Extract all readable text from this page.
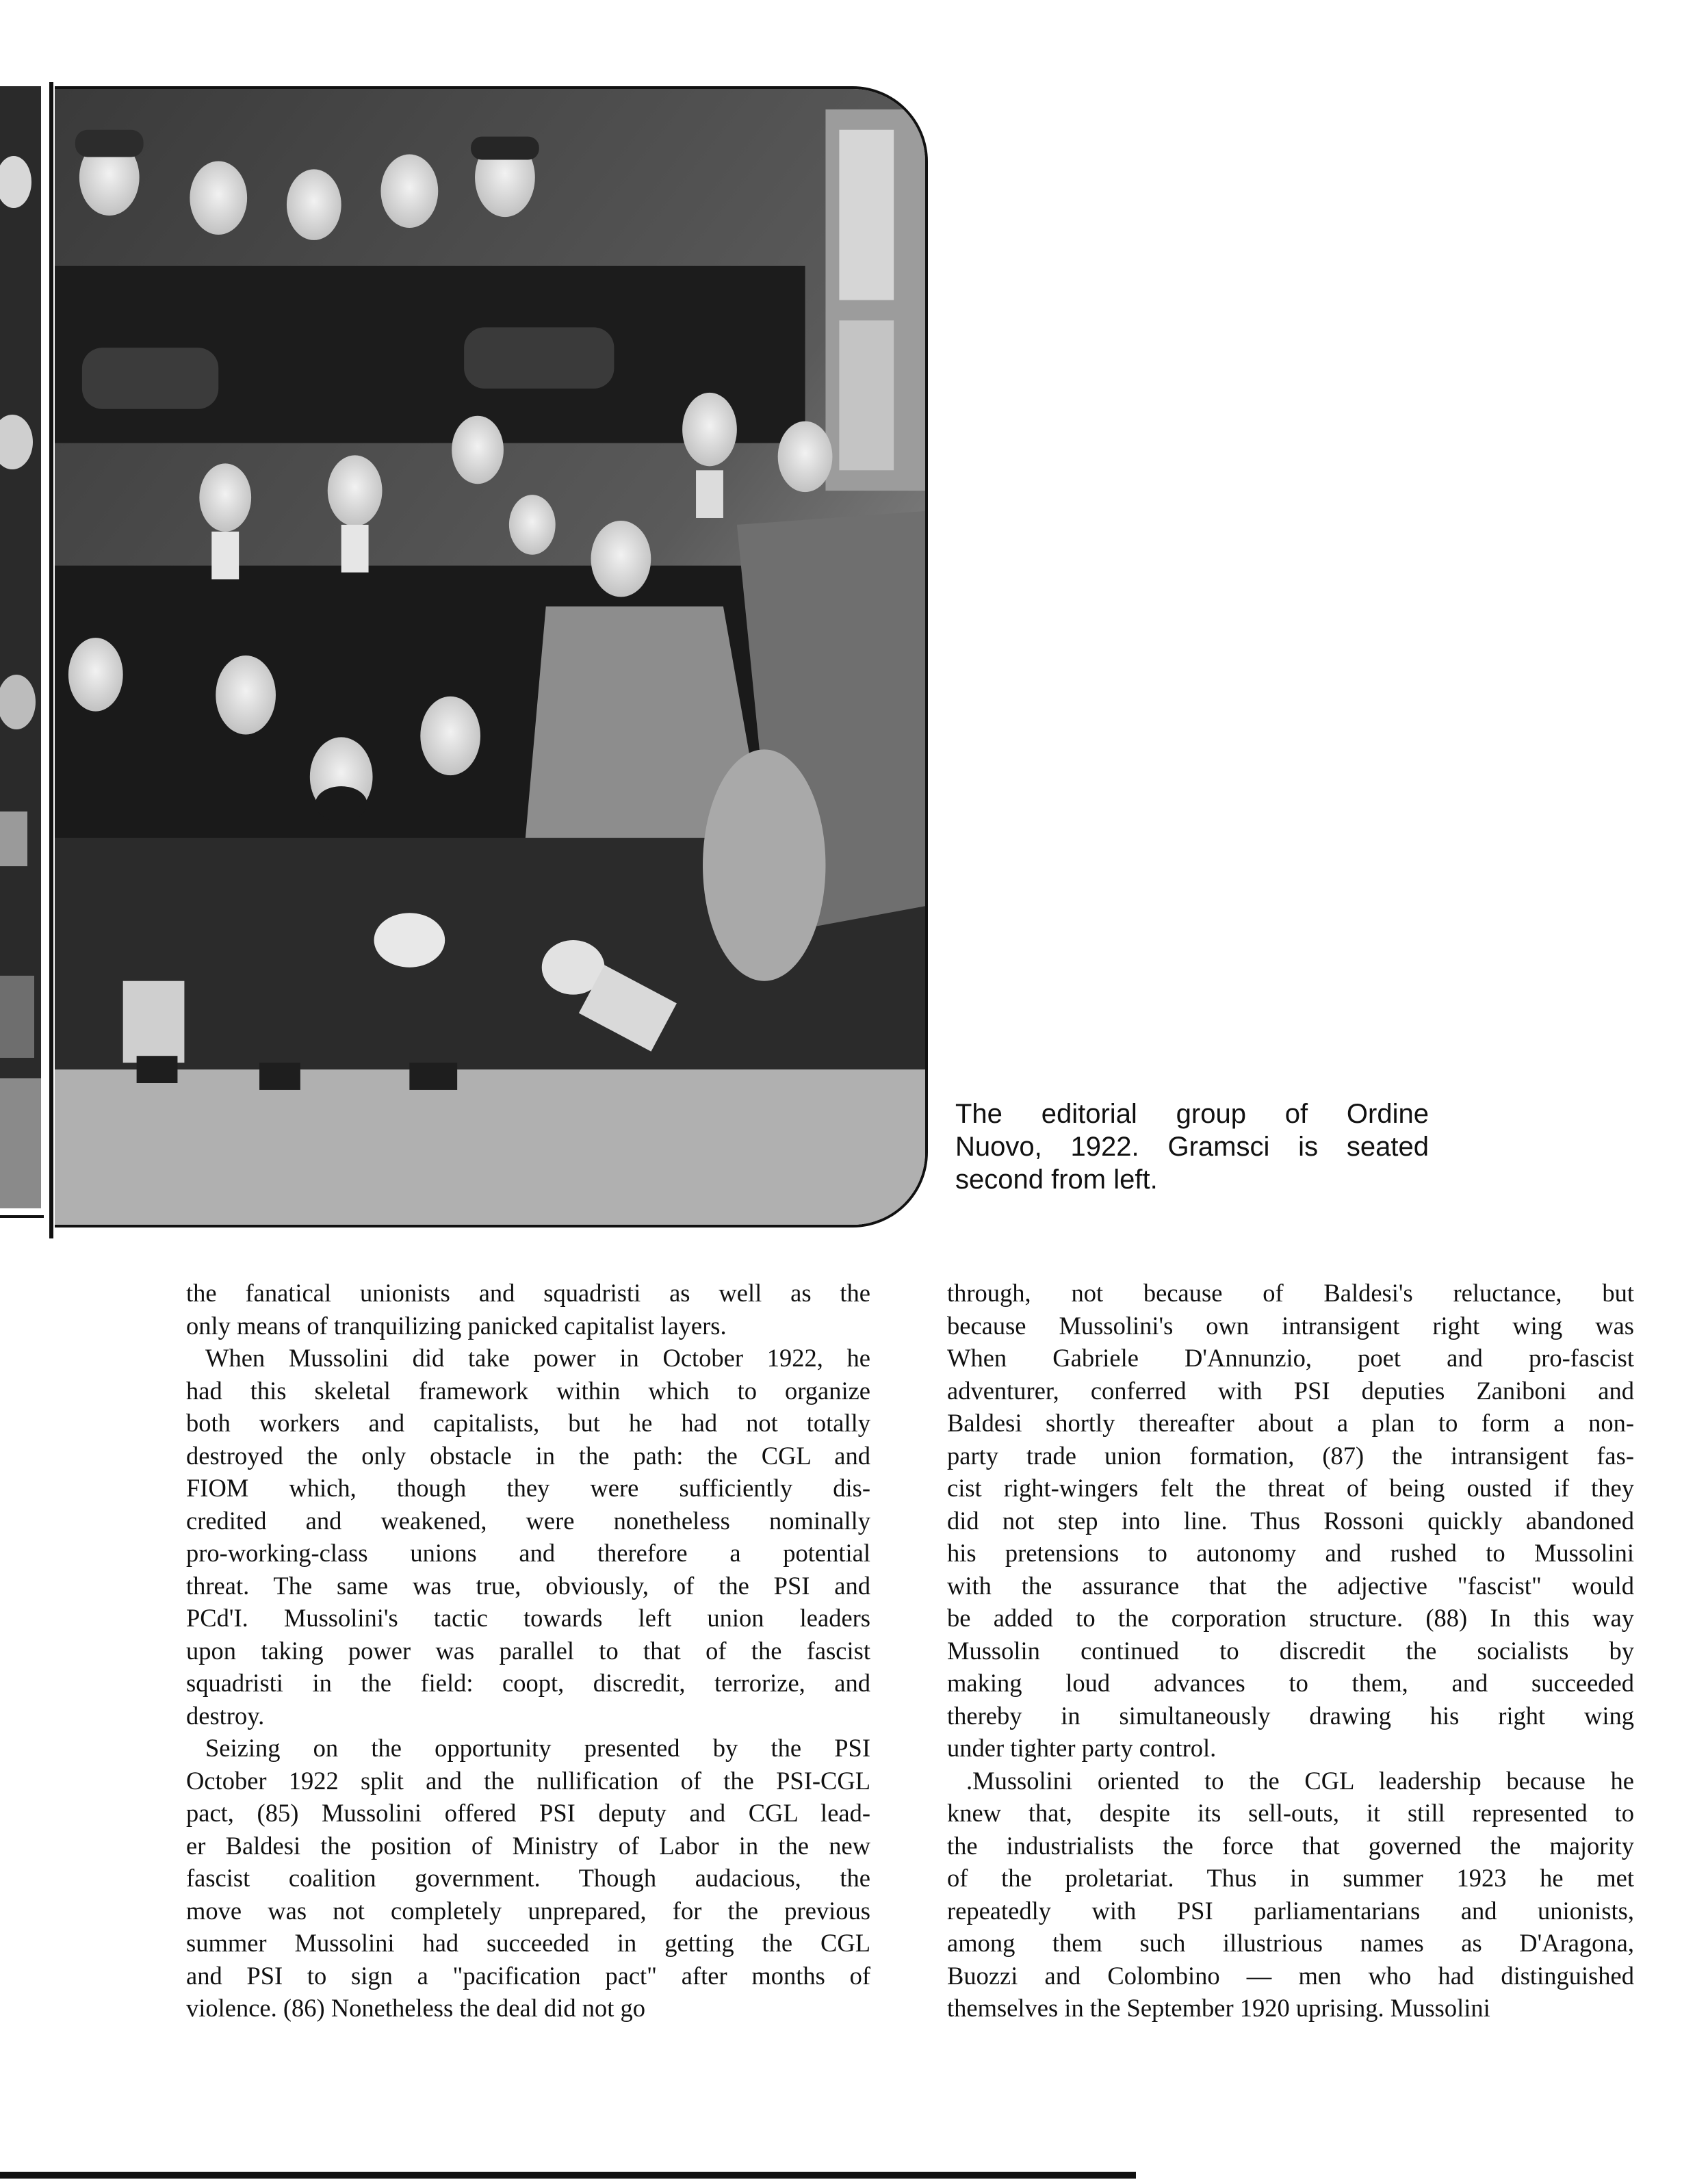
The editorial group of Ordine
Nuovo, 1922. Gramsci is seated
second from left.
the fanatical unionists and squadristi as well as the
only means of tranquilizing panicked capitalist layers.
When Mussolini did take power in October 1922, he
had this skeletal framework within which to organize
both workers and capitalists, but he had not totally
destroyed the only obstacle in the path: the CGL and
FIOM which, though they were sufficiently dis-
credited and weakened, were nonetheless nominally
pro-working-class unions and therefore a potential
threat. The same was true, obviously, of the PSI and
PCd'I. Mussolini's tactic towards left union leaders
upon taking power was parallel to that of the fascist
squadristi in the field: coopt, discredit, terrorize, and
destroy.
Seizing on the opportunity presented by the PSI
October 1922 split and the nullification of the PSI-CGL
pact, (85) Mussolini offered PSI deputy and CGL lead-
er Baldesi the position of Ministry of Labor in the new
fascist coalition government. Though audacious, the
move was not completely unprepared, for the previous
summer Mussolini had succeeded in getting the CGL
and PSI to sign a "pacification pact" after months of
violence. (86) Nonetheless the deal did not go
through, not because of Baldesi's reluctance, but
because Mussolini's own intransigent right wing was
When Gabriele D'Annunzio, poet and pro-fascist
adventurer, conferred with PSI deputies Zaniboni and
Baldesi shortly thereafter about a plan to form a non-
party trade union formation, (87) the intransigent fas-
cist right-wingers felt the threat of being ousted if they
did not step into line. Thus Rossoni quickly abandoned
his pretensions to autonomy and rushed to Mussolini
with the assurance that the adjective "fascist" would
be added to the corporation structure. (88) In this way
Mussolin continued to discredit the socialists by
making loud advances to them, and succeeded
thereby in simultaneously drawing his right wing
under tighter party control.
.Mussolini oriented to the CGL leadership because he
knew that, despite its sell-outs, it still represented to
the industrialists the force that governed the majority
of the proletariat. Thus in summer 1923 he met
repeatedly with PSI parliamentarians and unionists,
among them such illustrious names as D'Aragona,
Buozzi and Colombino — men who had distinguished
themselves in the September 1920 uprising. Mussolini
